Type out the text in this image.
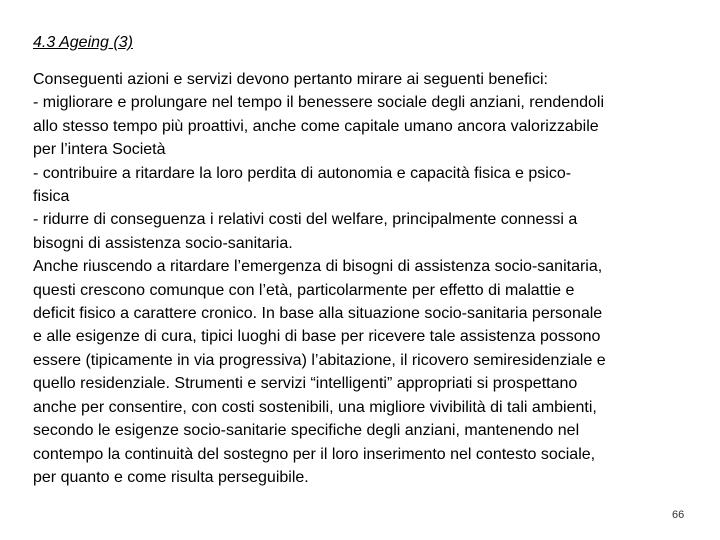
4.3 Ageing (3)
Conseguenti azioni e servizi devono pertanto mirare ai seguenti benefici:
- migliorare e prolungare nel tempo il benessere sociale degli anziani, rendendoli
allo stesso tempo più proattivi, anche come capitale umano ancora valorizzabile
per l’intera Società
- contribuire a ritardare la loro perdita di autonomia e capacità fisica e psico-
fisica
- ridurre di conseguenza i relativi costi del welfare, principalmente connessi a
bisogni di assistenza socio-sanitaria.
Anche riuscendo a ritardare l’emergenza di bisogni di assistenza socio-sanitaria,
questi crescono comunque con l’età, particolarmente per effetto di malattie e
deficit fisico a carattere cronico. In base alla situazione socio-sanitaria personale
e alle esigenze di cura, tipici luoghi di base per ricevere tale assistenza possono
essere (tipicamente in via progressiva) l’abitazione, il ricovero semiresidenziale e
quello residenziale. Strumenti e servizi “intelligenti” appropriati si prospettano
anche per consentire, con costi sostenibili, una migliore vivibilità di tali ambienti,
secondo le esigenze socio-sanitarie specifiche degli anziani, mantenendo nel
contempo la continuità del sostegno per il loro inserimento nel contesto sociale,
per quanto e come risulta perseguibile.
66
